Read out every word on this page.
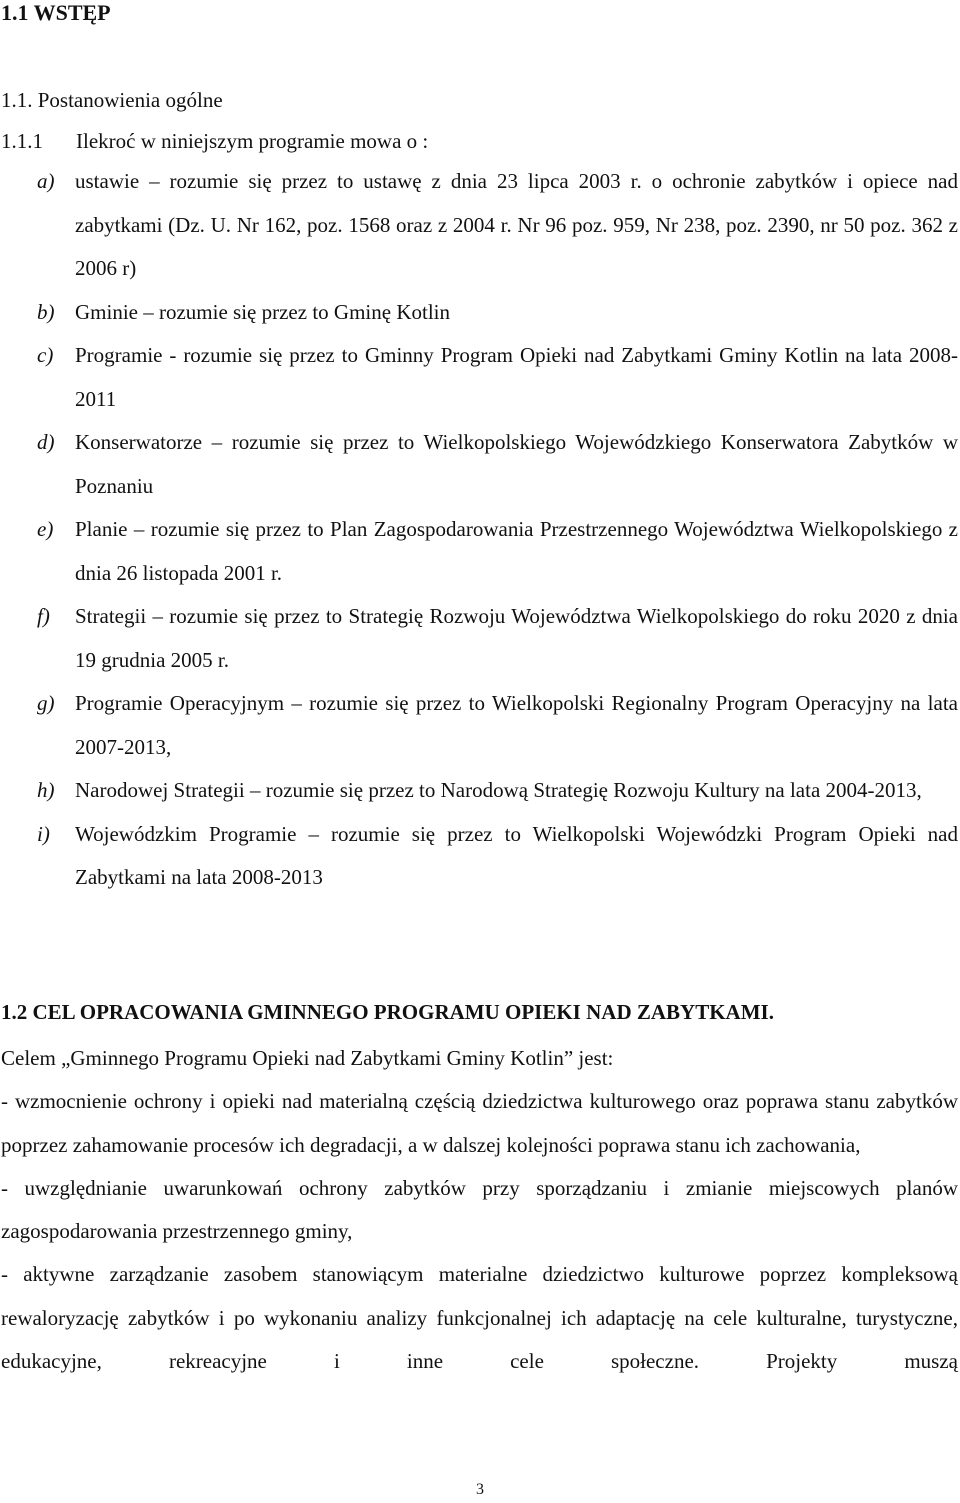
1.1 WSTĘP
1.1. Postanowienia ogólne
1.1.1 Ilekroć w niniejszym programie mowa o :
a) ustawie – rozumie się przez to ustawę z dnia 23 lipca 2003 r. o ochronie zabytków i opiece nad zabytkami (Dz. U. Nr 162, poz. 1568 oraz z 2004 r. Nr 96 poz. 959, Nr 238, poz. 2390, nr 50 poz. 362 z 2006 r)
b) Gminie – rozumie się przez to Gminę Kotlin
c)	Programie - rozumie się przez to Gminny Program Opieki nad Zabytkami Gminy Kotlin na lata 2008-2011
d) Konserwatorze – rozumie się przez to Wielkopolskiego Wojewódzkiego Konserwatora Zabytków w Poznaniu
e)	Planie – rozumie się przez to Plan Zagospodarowania Przestrzennego Województwa Wielkopolskiego z dnia 26 listopada 2001 r.
f)	Strategii – rozumie się przez to Strategię Rozwoju Województwa Wielkopolskiego do roku 2020 z dnia 19 grudnia 2005 r.
g) Programie Operacyjnym – rozumie się przez to Wielkopolski Regionalny Program Operacyjny na lata 2007-2013,
h) Narodowej Strategii – rozumie się przez to Narodową Strategię Rozwoju Kultury na lata 2004-2013,
i)	Wojewódzkim Programie – rozumie się przez to Wielkopolski Wojewódzki Program Opieki nad Zabytkami na lata 2008-2013
1.2 CEL OPRACOWANIA GMINNEGO PROGRAMU OPIEKI NAD ZABYTKAMI.

Celem „Gminnego Programu Opieki nad Zabytkami Gminy Kotlin” jest:

- wzmocnienie ochrony i opieki nad materialną częścią dziedzictwa kulturowego oraz poprawa stanu zabytków poprzez zahamowanie procesów ich degradacji, a w dalszej kolejności poprawa stanu ich zachowania,

- uwzględnianie uwarunkowań ochrony zabytków przy sporządzaniu i zmianie miejscowych planów zagospodarowania przestrzennego gminy,

- aktywne zarządzanie zasobem stanowiącym materialne dziedzictwo kulturowe poprzez kompleksową rewaloryzację zabytków i po wykonaniu analizy funkcjonalnej ich adaptację na cele kulturalne, turystyczne, edukacyjne, rekreacyjne i inne cele społeczne. Projekty muszą

3
